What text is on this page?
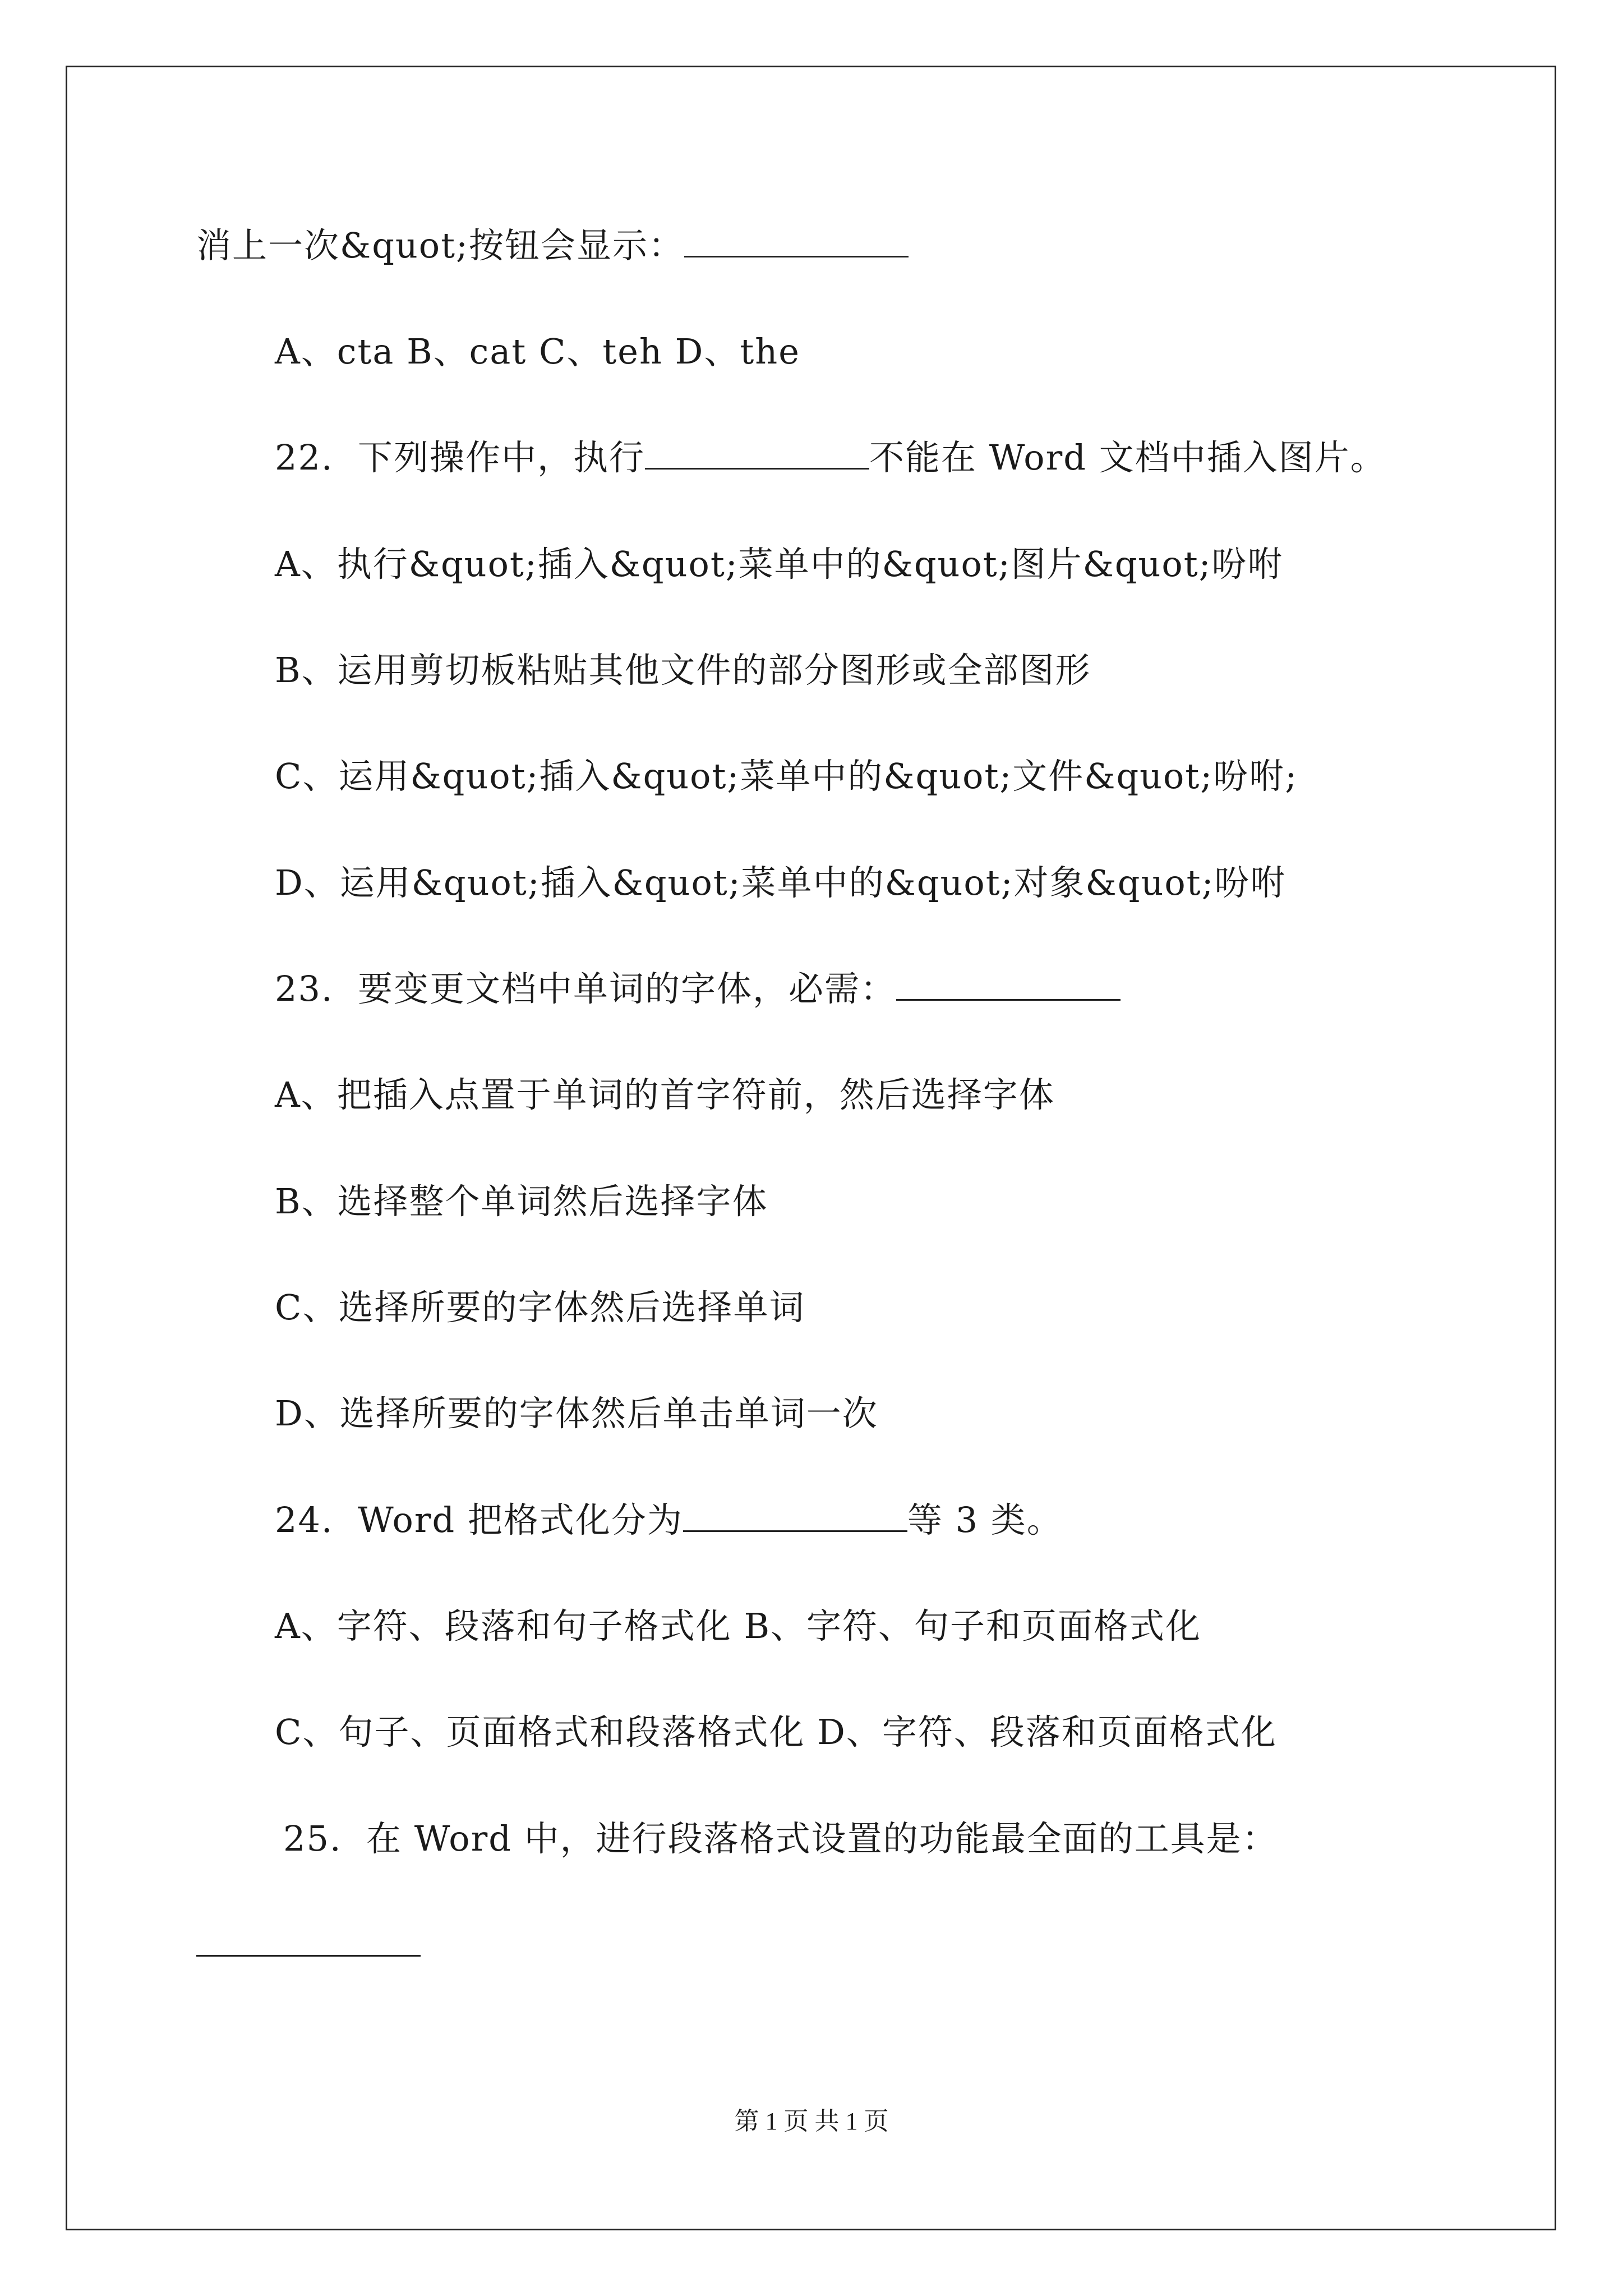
消上一次&quot;按钮会显示：
A、cta B、cat C、teh D、the
22.  下列操作中，执行	不能在 Word 文档中插入图片。
A、执行&quot;插入&quot;菜单中的&quot;图片&quot;吩咐
B、运用剪切板粘贴其他文件的部分图形或全部图形
C、运用&quot;插入&quot;菜单中的&quot;文件&quot;吩咐;
D、运用&quot;插入&quot;菜单中的&quot;对象&quot;吩咐
23.  要变更文档中单词的字体，必需：
A、把插入点置于单词的首字符前，然后选择字体
B、选择整个单词然后选择字体
C、选择所要的字体然后选择单词
D、选择所要的字体然后单击单词一次
24.  Word 把格式化分为	等 3 类。
A、字符、段落和句子格式化 B、字符、句子和页面格式化
C、句子、页面格式和段落格式化 D、字符、段落和页面格式化
25.  在 Word 中，进行段落格式设置的功能最全面的工具是：
第 1 页 共 1 页
